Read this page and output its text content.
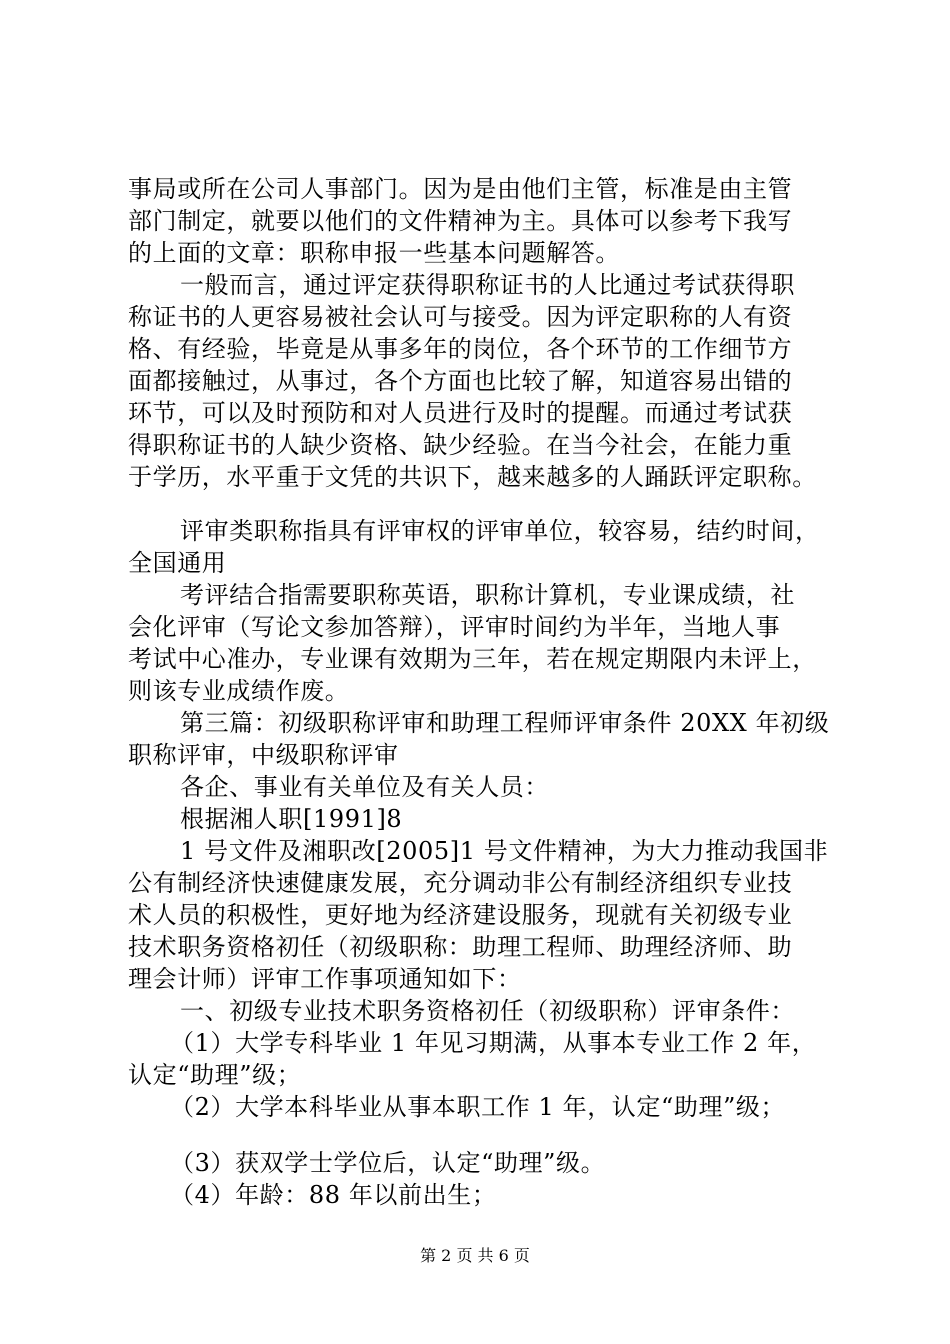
事局或所在公司人事部门。因为是由他们主管，标准是由主管
部门制定，就要以他们的文件精神为主。具体可以参考下我写
的上面的文章：职称申报一些基本问题解答。
一般而言，通过评定获得职称证书的人比通过考试获得职
称证书的人更容易被社会认可与接受。因为评定职称的人有资
格、有经验，毕竟是从事多年的岗位，各个环节的工作细节方
面都接触过，从事过，各个方面也比较了解，知道容易出错的
环节，可以及时预防和对人员进行及时的提醒。而通过考试获
得职称证书的人缺少资格、缺少经验。在当今社会，在能力重
于学历，水平重于文凭的共识下，越来越多的人踊跃评定职称。
评审类职称指具有评审权的评审单位，较容易，结约时间，
全国通用
考评结合指需要职称英语，职称计算机，专业课成绩，社
会化评审（写论文参加答辩），评审时间约为半年，当地人事
考试中心准办，专业课有效期为三年，若在规定期限内未评上，
则该专业成绩作废。
第三篇：初级职称评审和助理工程师评审条件 20XX 年初级
职称评审，中级职称评审
各企、事业有关单位及有关人员：
根据湘人职[1991]8
1 号文件及湘职改[2005]1 号文件精神，为大力推动我国非
公有制经济快速健康发展，充分调动非公有制经济组织专业技
术人员的积极性，更好地为经济建设服务，现就有关初级专业
技术职务资格初任（初级职称：助理工程师、助理经济师、助
理会计师）评审工作事项通知如下：
一、初级专业技术职务资格初任（初级职称）评审条件：
（1）大学专科毕业 1 年见习期满，从事本专业工作 2 年，
认定“助理”级；
（2）大学本科毕业从事本职工作 1 年，认定“助理”级；
（3）获双学士学位后，认定“助理”级。
（4）年龄：88 年以前出生；
第 2 页 共 6 页
